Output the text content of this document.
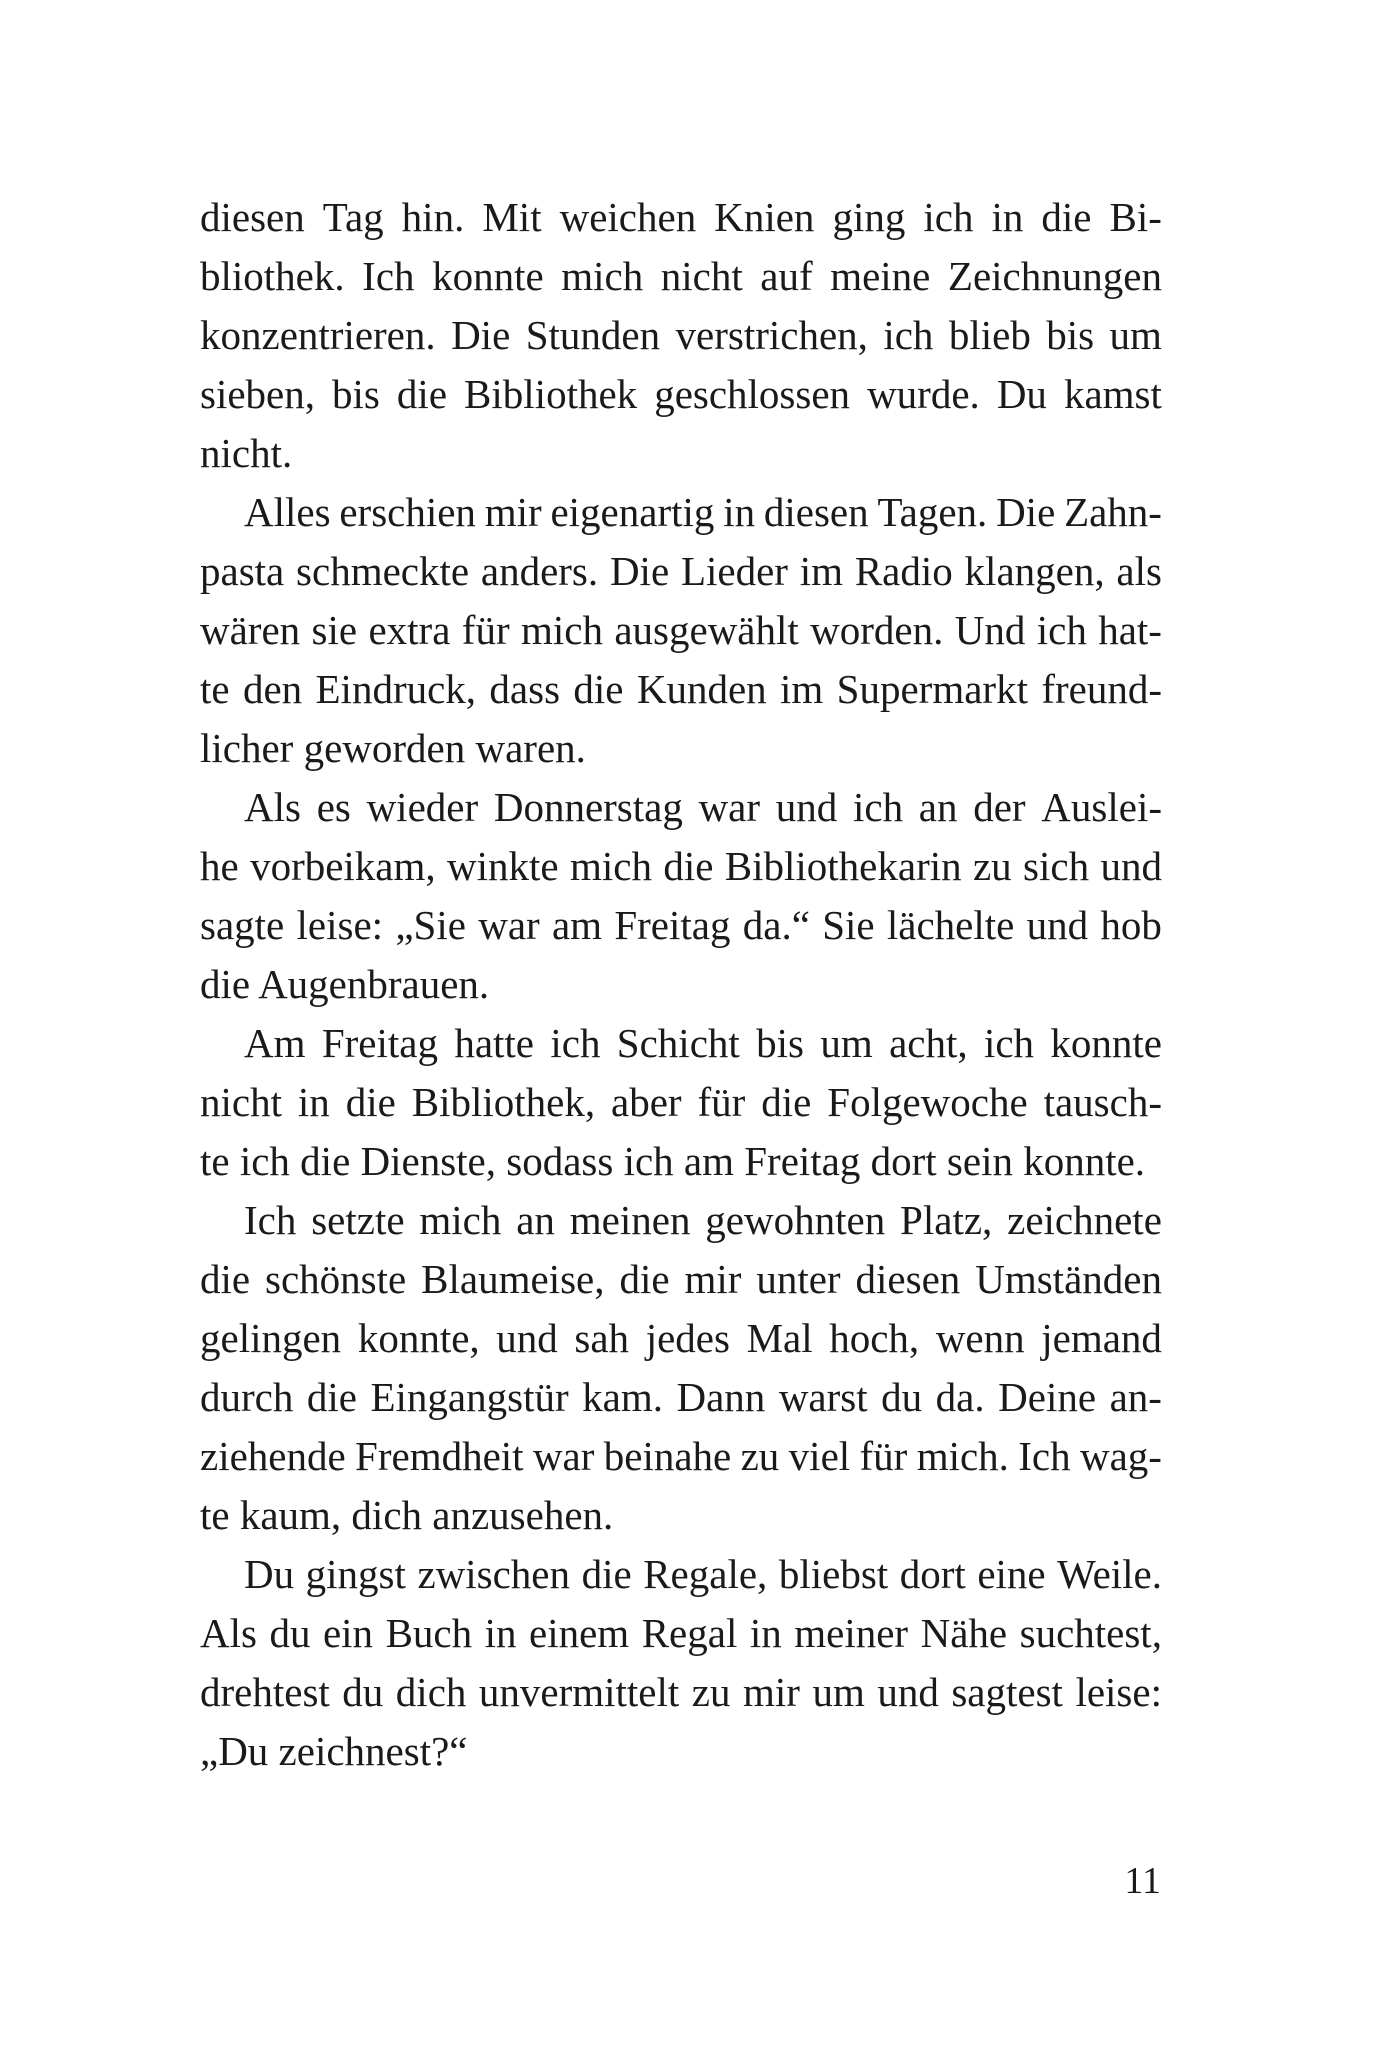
diesen Tag hin. Mit weichen Knien ging ich in die Bi-
bliothek. Ich konnte mich nicht auf meine Zeichnungen
konzentrieren. Die Stunden verstrichen, ich blieb bis um
sieben, bis die Bibliothek geschlossen wurde. Du kamst
nicht.

Alles erschien mir eigenartig in diesen Tagen. Die Zahn-
pasta schmeckte anders. Die Lieder im Radio klangen, als
wären sie extra für mich ausgewählt worden. Und ich hat-
te den Eindruck, dass die Kunden im Supermarkt freund-
licher geworden waren.

Als es wieder Donnerstag war und ich an der Auslei-
he vorbeikam, winkte mich die Bibliothekarin zu sich und
sagte leise: „Sie war am Freitag da.“ Sie lächelte und hob
die Augenbrauen.

Am Freitag hatte ich Schicht bis um acht, ich konnte
nicht in die Bibliothek, aber für die Folgewoche tausch-
te ich die Dienste, sodass ich am Freitag dort sein konnte.

Ich setzte mich an meinen gewohnten Platz, zeichnete
die schönste Blaumeise, die mir unter diesen Umständen
gelingen konnte, und sah jedes Mal hoch, wenn jemand
durch die Eingangstür kam. Dann warst du da. Deine an-
ziehende Fremdheit war beinahe zu viel für mich. Ich wag-
te kaum, dich anzusehen.

Du gingst zwischen die Regale, bliebst dort eine Weile.
Als du ein Buch in einem Regal in meiner Nähe suchtest,
drehtest du dich unvermittelt zu mir um und sagtest leise:
„Du zeichnest?“

11
